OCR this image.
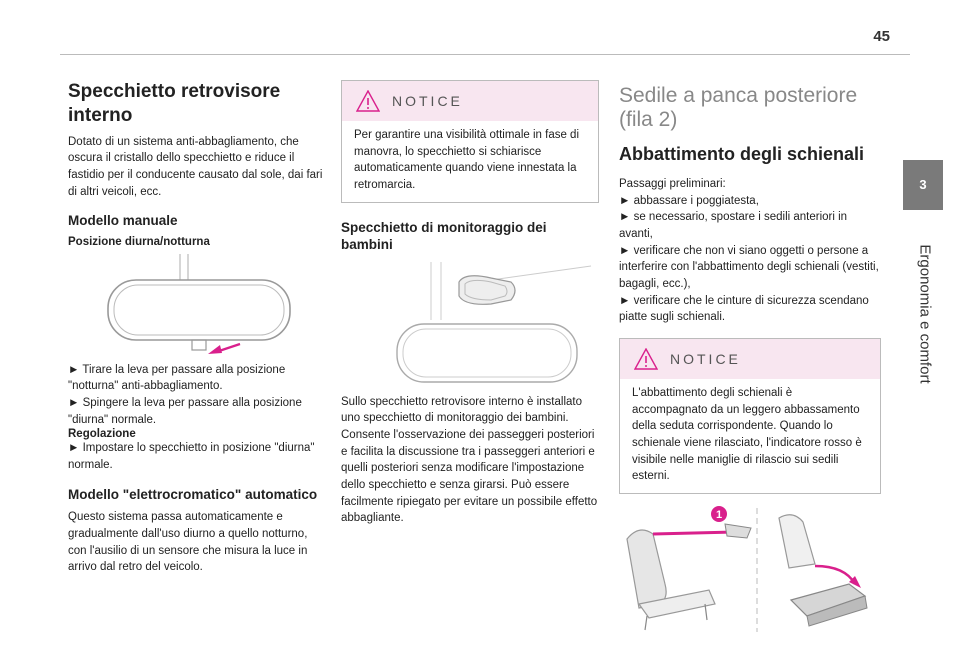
45
3
Ergonomia e comfort
Specchietto retrovisore interno

Dotato di un sistema anti-abbagliamento, che oscura il cristallo dello specchietto e riduce il fastidio per il conducente causato dal sole, dai fari di altri veicoli, ecc.

Modello manuale
Posizione diurna/notturna

► Tirare la leva per passare alla posizione "notturna" anti-abbagliamento.

► Spingere la leva per passare alla posizione "diurna" normale.

Regolazione

► Impostare lo specchietto in posizione "diurna" normale.

Modello "elettrocromatico" automatico

Questo sistema passa automaticamente e gradualmente dall'uso diurno a quello notturno, con l'ausilio di un sensore che misura la luce in arrivo dal retro del veicolo.

NOTICE

Per garantire una visibilità ottimale in fase di manovra, lo specchietto si schiarisce automaticamente quando viene innestata la retromarcia.

Specchietto di monitoraggio dei bambini

Sullo specchietto retrovisore interno è installato uno specchietto di monitoraggio dei bambini. Consente l'osservazione dei passeggeri posteriori e facilita la discussione tra i passeggeri anteriori e quelli posteriori senza modificare l'impostazione dello specchietto e senza girarsi. Può essere facilmente ripiegato per evitare un possibile effetto abbagliante.

Sedile a panca posteriore (fila 2)
Abbattimento degli schienali

Passaggi preliminari:

► abbassare i poggiatesta,

► se necessario, spostare i sedili anteriori in avanti,

► verificare che non vi siano oggetti o persone a interferire con l'abbattimento degli schienali (vestiti, bagagli, ecc.),

► verificare che le cinture di sicurezza scendano piatte sugli schienali.

NOTICE

L'abbattimento degli schienali è accompagnato da un leggero abbassamento della seduta corrispondente. Quando lo schienale viene rilasciato, l'indicatore rosso è visibile nelle maniglie di rilascio sui sedili esterni.

1
